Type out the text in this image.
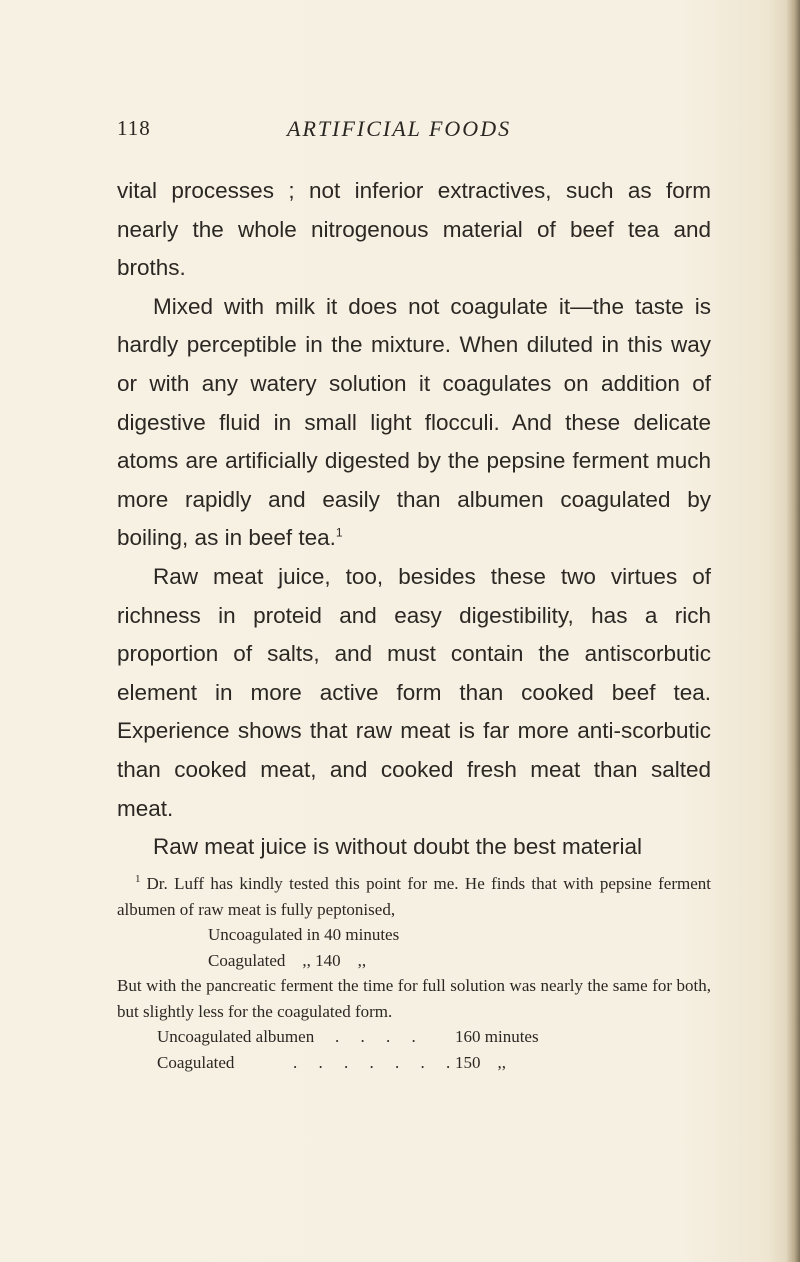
118	ARTIFICIAL FOODS

vital processes ; not inferior extractives, such as form nearly the whole nitrogenous material of beef tea and broths.

Mixed with milk it does not coagulate it—the taste is hardly perceptible in the mixture. When diluted in this way or with any watery solution it coagulates on addition of digestive fluid in small light flocculi. And these delicate atoms are artificially digested by the pepsine ferment much more rapidly and easily than albumen coagulated by boiling, as in beef tea.$^1$

Raw meat juice, too, besides these two virtues of richness in proteid and easy digestibility, has a rich proportion of salts, and must contain the antiscorbutic element in more active form than cooked beef tea. Experience shows that raw meat is far more anti-scorbutic than cooked meat, and cooked fresh meat than salted meat.

Raw meat juice is without doubt the best material

$^1$ Dr. Luff has kindly tested this point for me. He finds that with pepsine ferment albumen of raw meat is fully peptonised,

Uncoagulated in 40 minutes
Coagulated    ,, 140    ,,

But with the pancreatic ferment the time for full solution was nearly the same for both, but slightly less for the coagulated form.

Uncoagulated albumen .     .     .     . 160 minutes
Coagulated	.     .     .     .     .     .     . 150    ,,
